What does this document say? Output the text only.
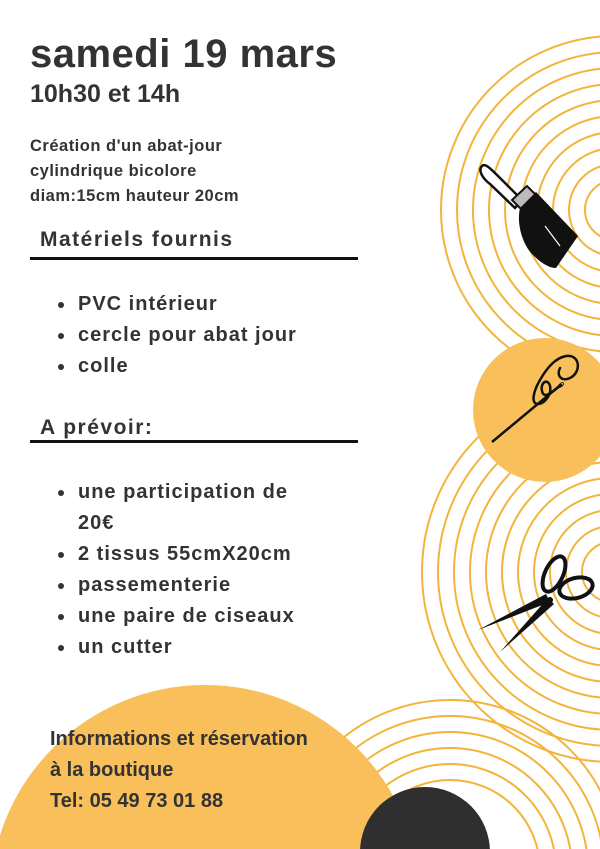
samedi 19 mars
10h30 et 14h
Création d'un abat-jour
cylindrique bicolore
diam:15cm hauteur 20cm
Matériels fournis
PVC intérieur
cercle pour abat jour
colle
A prévoir:
une participation de 20€
2 tissus 55cmX20cm
passementerie
une paire de ciseaux
un cutter
Informations et réservation
à la boutique
Tel: 05 49 73 01 88
